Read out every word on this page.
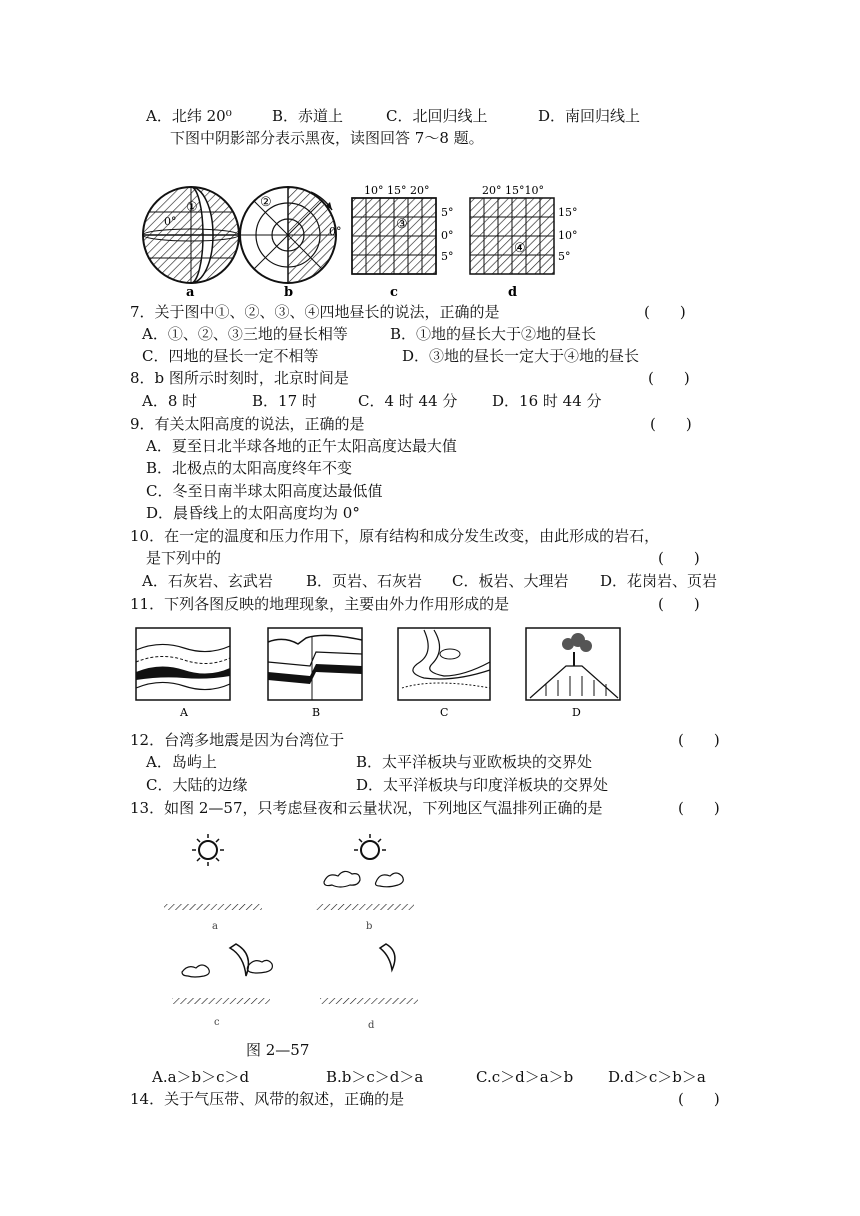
A．北纬 20⁰	B．赤道上	C．北回归线上	D．南回归线上
下图中阴影部分表示黑夜，读图回答 7～8 题。
①
0°
②
0°
10° 15° 20°
③
5°
0°
5°
20° 15°10°
④
15°
10°
5°
a	b	c	d
7．关于图中①、②、③、④四地昼长的说法，正确的是	(　　)
A．①、②、③三地的昼长相等	B．①地的昼长大于②地的昼长
C．四地的昼长一定不相等	D．③地的昼长一定大于④地的昼长
8．b 图所示时刻时，北京时间是	(　　)
A．8 时	B．17 时	C．4 时 44 分 D．16 时 44 分
9．有关太阳高度的说法，正确的是	(　　)
A．夏至日北半球各地的正午太阳高度达最大值
B．北极点的太阳高度终年不变
C．冬至日南半球太阳高度达最低值
D．晨昏线上的太阳高度均为 0°
10．在一定的温度和压力作用下，原有结构和成分发生改变，由此形成的岩石，
是下列中的	(　　)
A．石灰岩、玄武岩 B．页岩、石灰岩 C．板岩、大理岩 D．花岗岩、页岩
11．下列各图反映的地理现象，主要由外力作用形成的是	(　　)
A	B	C	D
12．台湾多地震是因为台湾位于	(　　)
A．岛屿上	B．太平洋板块与亚欧板块的交界处
C．大陆的边缘	D．太平洋板块与印度洋板块的交界处
13．如图 2—57，只考虑昼夜和云量状况，下列地区气温排列正确的是	(　　)
a	b
c	d
图 2—57
A.a＞b＞c＞d	B.b＞c＞d＞a	C.c＞d＞a＞b D.d＞c＞b＞a
14．关于气压带、风带的叙述，正确的是	(　　)
